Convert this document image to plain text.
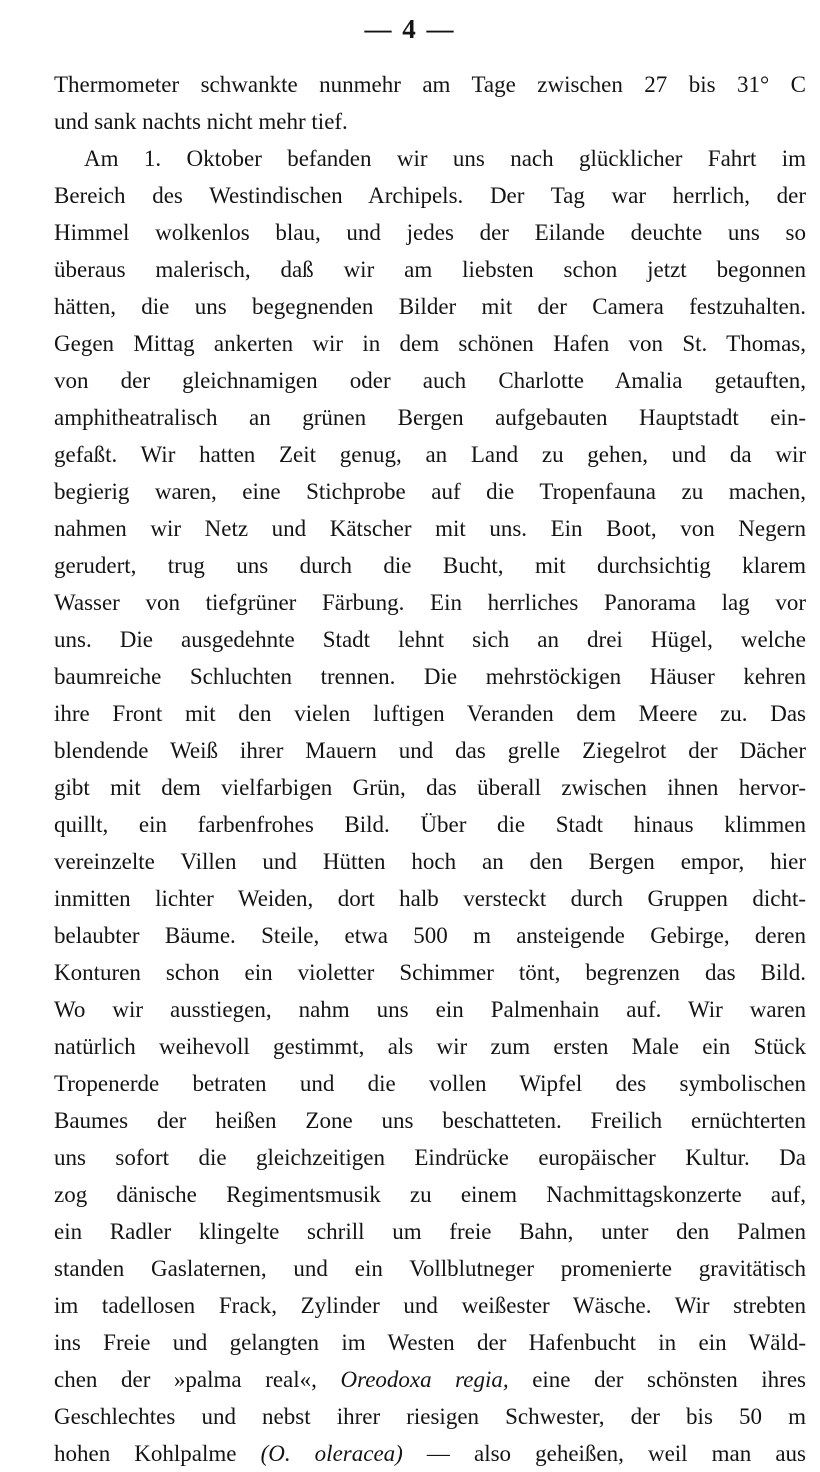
— 4 —
Thermometer schwankte nunmehr am Tage zwischen 27 bis 31° C
und sank nachts nicht mehr tief.
Am 1. Oktober befanden wir uns nach glücklicher Fahrt im
Bereich des Westindischen Archipels. Der Tag war herrlich, der
Himmel wolkenlos blau, und jedes der Eilande deuchte uns so
überaus malerisch, daß wir am liebsten schon jetzt begonnen
hätten, die uns begegnenden Bilder mit der Camera festzuhalten.
Gegen Mittag ankerten wir in dem schönen Hafen von St. Thomas,
von der gleichnamigen oder auch Charlotte Amalia getauften,
amphitheatralisch an grünen Bergen aufgebauten Hauptstadt ein-
gefaßt. Wir hatten Zeit genug, an Land zu gehen, und da wir
begierig waren, eine Stichprobe auf die Tropenfauna zu machen,
nahmen wir Netz und Kätscher mit uns. Ein Boot, von Negern
gerudert, trug uns durch die Bucht, mit durchsichtig klarem
Wasser von tiefgrüner Färbung. Ein herrliches Panorama lag vor
uns. Die ausgedehnte Stadt lehnt sich an drei Hügel, welche
baumreiche Schluchten trennen. Die mehrstöckigen Häuser kehren
ihre Front mit den vielen luftigen Veranden dem Meere zu. Das
blendende Weiß ihrer Mauern und das grelle Ziegelrot der Dächer
gibt mit dem vielfarbigen Grün, das überall zwischen ihnen hervor-
quillt, ein farbenfrohes Bild. Über die Stadt hinaus klimmen
vereinzelte Villen und Hütten hoch an den Bergen empor, hier
inmitten lichter Weiden, dort halb versteckt durch Gruppen dicht-
belaubter Bäume. Steile, etwa 500 m ansteigende Gebirge, deren
Konturen schon ein violetter Schimmer tönt, begrenzen das Bild.
Wo wir ausstiegen, nahm uns ein Palmenhain auf. Wir waren
natürlich weihevoll gestimmt, als wir zum ersten Male ein Stück
Tropenerde betraten und die vollen Wipfel des symbolischen
Baumes der heißen Zone uns beschatteten. Freilich ernüchterten
uns sofort die gleichzeitigen Eindrücke europäischer Kultur. Da
zog dänische Regimentsmusik zu einem Nachmittagskonzerte auf,
ein Radler klingelte schrill um freie Bahn, unter den Palmen
standen Gaslaternen, und ein Vollblutneger promenierte gravitätisch
im tadellosen Frack, Zylinder und weißester Wäsche. Wir strebten
ins Freie und gelangten im Westen der Hafenbucht in ein Wäld-
chen der »palma real«, Oreodoxa regia, eine der schönsten ihres
Geschlechtes und nebst ihrer riesigen Schwester, der bis 50 m
hohen Kohlpalme (O. oleracea) — also geheißen, weil man aus
